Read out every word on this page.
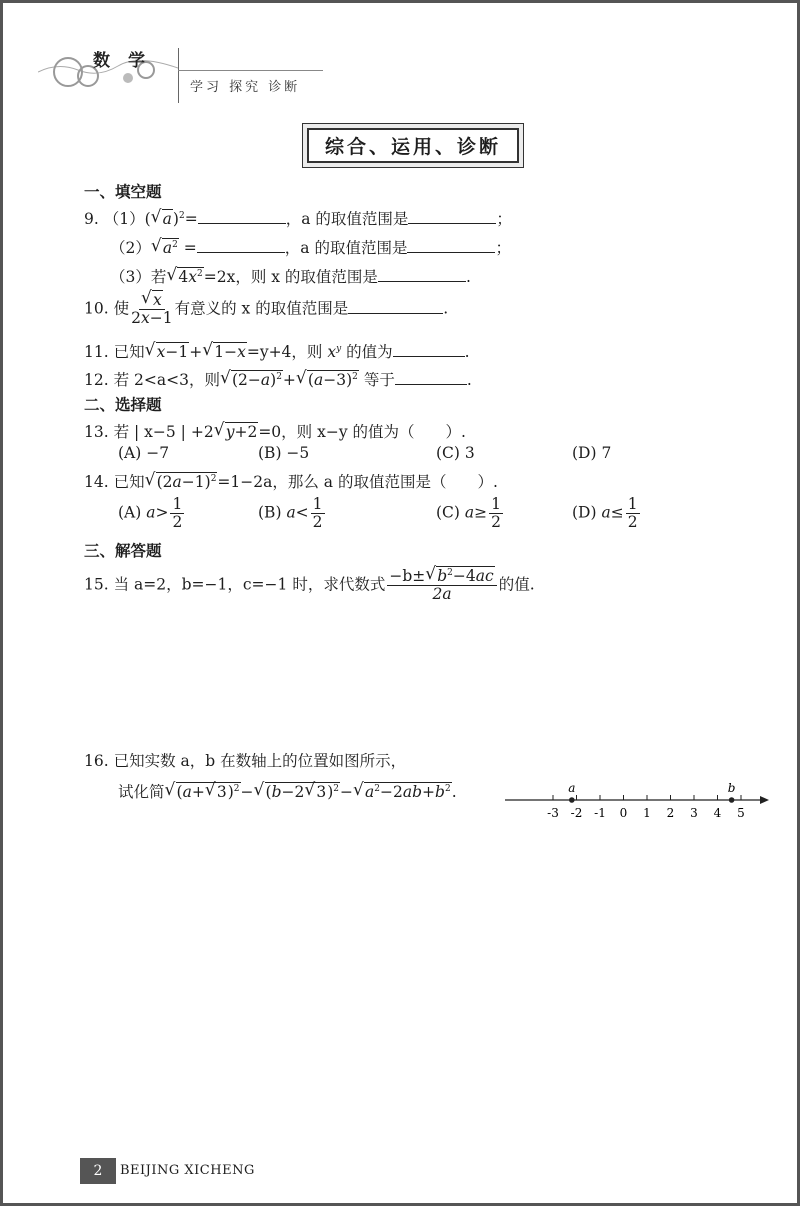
数学
学习 探究 诊断
综合、运用、诊断
一、填空题
9. （1）(√ a)$^2$=	，a 的取值范围是	；
（2）√ $a^2$ =	，a 的取值范围是	；
（3）若√ $4x^2=2x$，则 x 的取值范围是	.
10. 使
√ $\frac{x}{2x-1}$ 有意义的 x 的取值范围是	.
11. 已知√ x−1+√ 1−x=y+4，则 $x^y$ 的值为	.
12. 若 2<a<3，则√ $(2-a)^2+√$ $(a-3)^2$ 等于	.
二、选择题
13. 若 | x−5 | +2√ y+2=0，则 x−y 的值为（　　）.
(A) −7	(B) −5	(C) 3	(D) 7
14. 已知√ $(2a-1)^2=1-2a$，那么 a 的取值范围是（　　）.
(A) $a> \frac{1}{2}$	(B) $a< \frac{1}{2}$	(C) $a\ge \frac{1}{2}$	(D) $a\le \frac{1}{2}$
三、解答题
15. 当 a=2，b=−1，c=−1 时，求代数式 $\frac{-b\pm√ b^2-4ac}{2a}$ 的值.
16. 已知实数 a，b 在数轴上的位置如图所示，
试化简√ (a+√ 3)$^2$−√ (b−2√ 3)$^2$−√ $a^2-2ab+b^2$.
-3 -2 -1 0 1 2 3 4 5
a	b
2	BEIJING XICHENG
